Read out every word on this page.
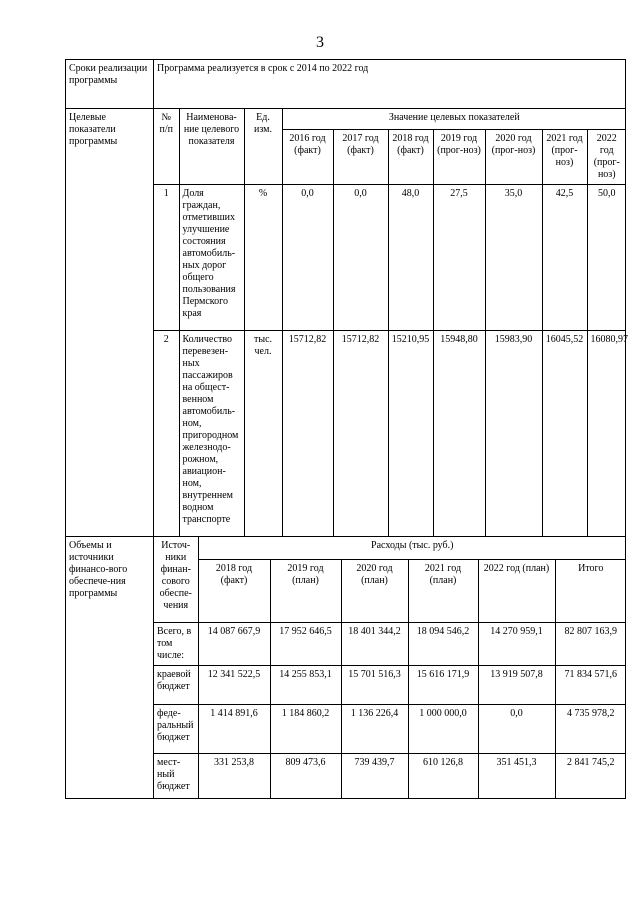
3
Сроки реализации программы	Программа реализуется в срок с 2014 по 2022 год
Целевые показатели программы	
№ п/п	Наименова-ние целевого показателя	Ед. изм.	Значение целевых показателей
2016 год (факт)	2017 год (факт)	2018 год (факт)	2019 год (прог-ноз)	2020 год (прог-ноз)	2021 год (прог-ноз)	2022 год (прог-ноз)
1	Доля граждан, отметивших улучшение состояния автомобиль-ных дорог общего пользования Пермского края	%	0,0	0,0	48,0	27,5	35,0	42,5	50,0
2	Количество перевезен-ных пассажиров на общест-венном автомобиль-ном, пригородном железнодо-рожном, авиацион-ном, внутреннем водном транспорте	тыс. чел.	15712,82	15712,82	15210,95	15948,80	15983,90	16045,52	16080,97

Объемы и источники финансо-вого обеспече-ния программы	
Источ-ники финан-сового обеспе-чения	Расходы (тыс. руб.)
2018 год (факт)	2019 год (план)	2020 год (план)	2021 год (план)	2022 год (план)	Итого
Всего, в том числе:	14 087 667,9	17 952 646,5	18 401 344,2	18 094 546,2	14 270 959,1	82 807 163,9
краевой бюджет	12 341 522,5	14 255 853,1	15 701 516,3	15 616 171,9	13 919 507,8	71 834 571,6
феде-ральный бюджет	1 414 891,6	1 184 860,2	1 136 226,4	1 000 000,0	0,0	4 735 978,2
мест-ный бюджет	331 253,8	809 473,6	739 439,7	610 126,8	351 451,3	2 841 745,2
